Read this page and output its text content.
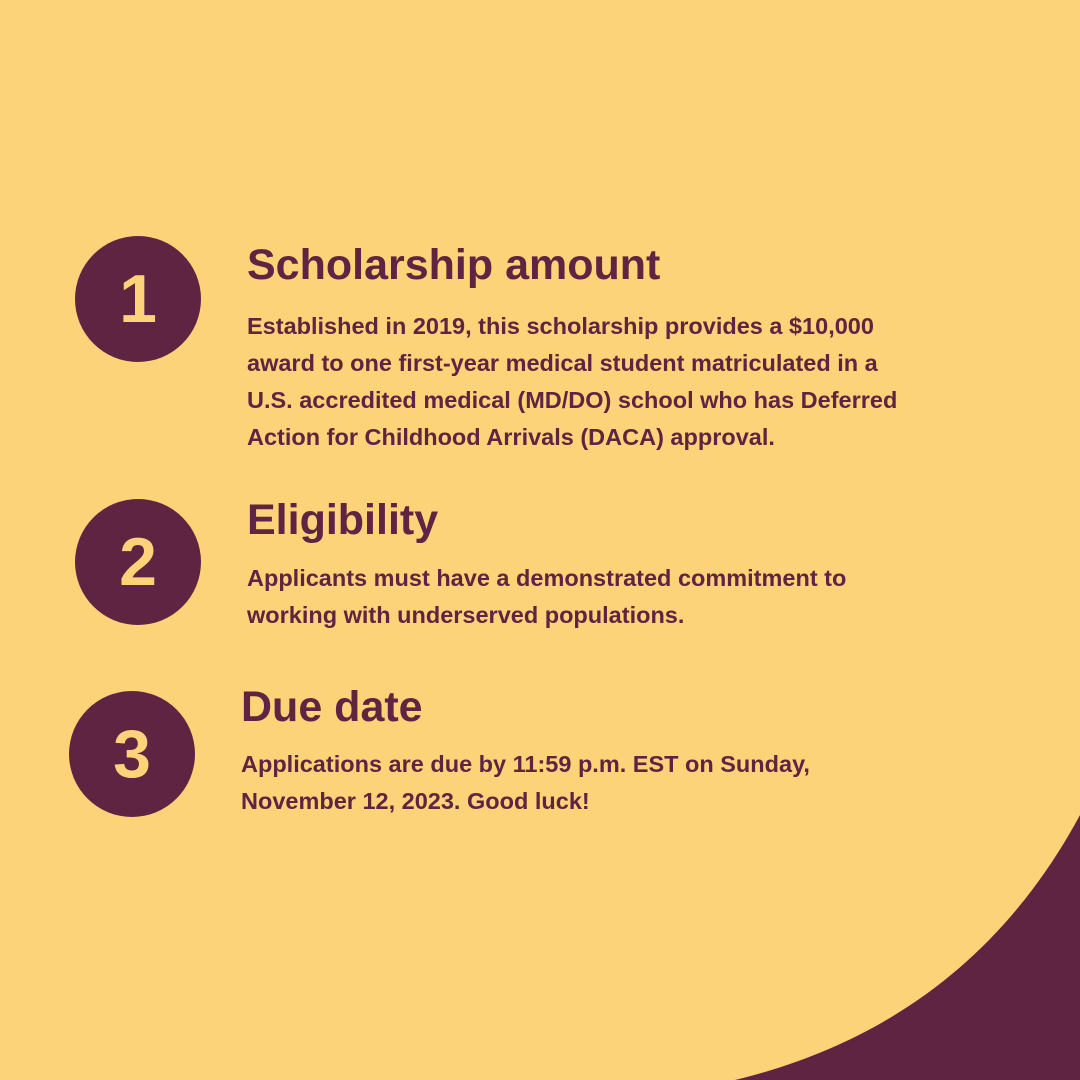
1	Scholarship amount

Established in 2019, this scholarship provides a $10,000
award to one first-year medical student matriculated in a
U.S. accredited medical (MD/DO) school who has Deferred
Action for Childhood Arrivals (DACA) approval.

2
Eligibility

Applicants must have a demonstrated commitment to
working with underserved populations.

3
Due date

Applications are due by 11:59 p.m. EST on Sunday,
November 12, 2023. Good luck!
